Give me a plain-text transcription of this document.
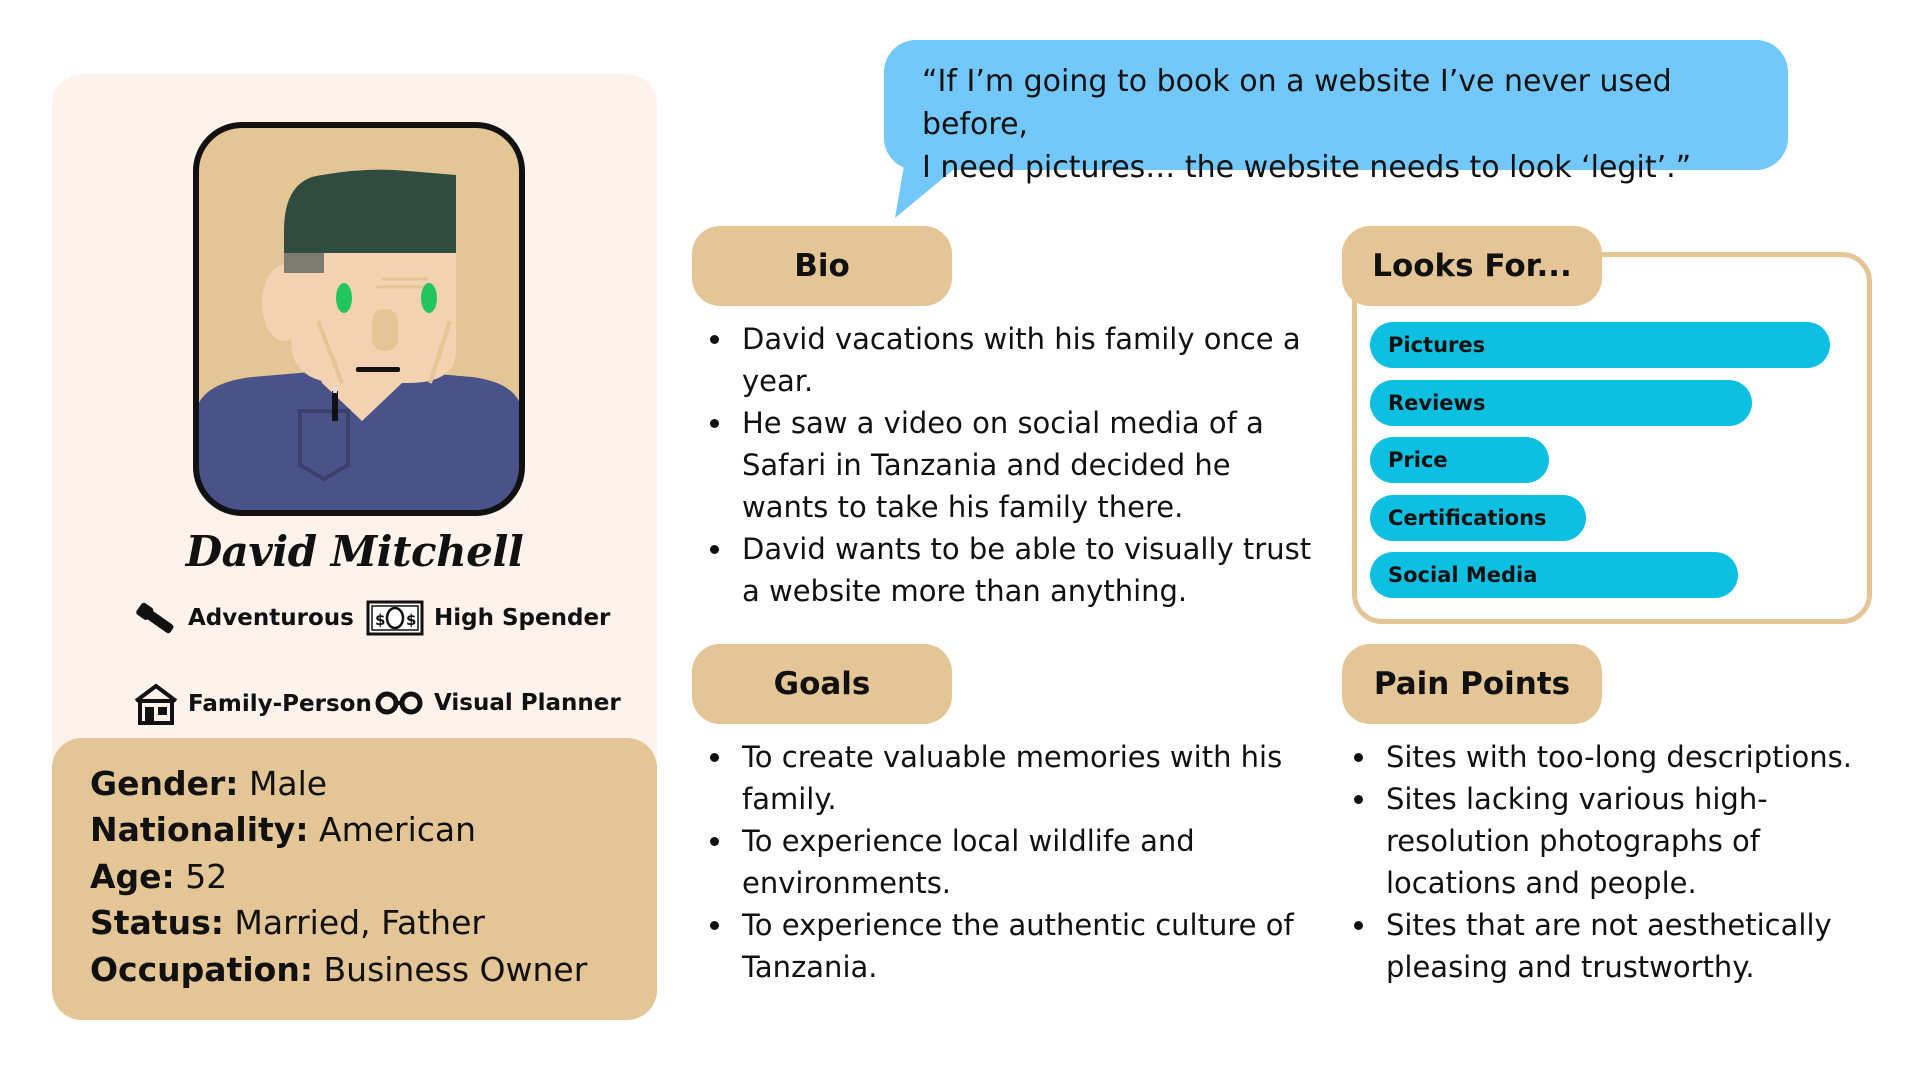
David Mitchell
Adventurous $ $ High Spender
Family-Person	Visual Planner
Gender: Male
Nationality: American
Age: 52
Status: Married, Father
Occupation: Business Owner
“If I’m going to book on a website I’ve never used before,
I need pictures… the website needs to look ‘legit’.”
Bio
David vacations with his family once a year.
He saw a video on social media of a Safari in Tanzania and decided he wants to take his family there.
David wants to be able to visually trust a website more than anything.
Goals
To create valuable memories with his family.
To experience local wildlife and environments.
To experience the authentic culture of Tanzania.
Looks For...
Pictures
Reviews
Price
Certifications
Social Media
Pain Points
Sites with too-long descriptions.
Sites lacking various high-resolution photographs of locations and people.
Sites that are not aesthetically pleasing and trustworthy.
